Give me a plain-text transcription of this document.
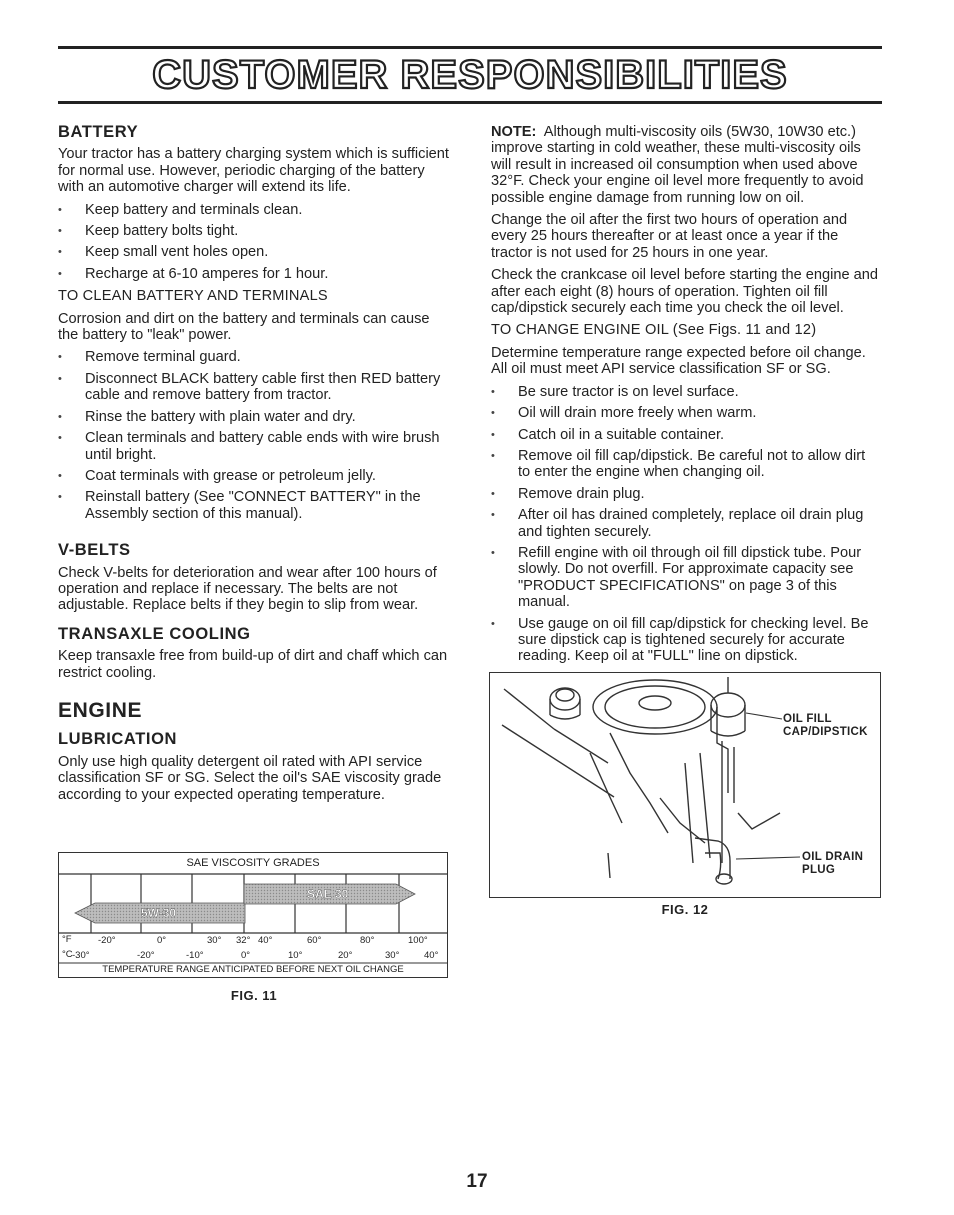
CUSTOMER RESPONSIBILITIES
BATTERY

Your tractor has a battery charging system which is sufficient for normal use. However, periodic charging of the battery with an automotive charger will extend its life.

• Keep battery and terminals clean.
• Keep battery bolts tight.
• Keep small vent holes open.
• Recharge at 6-10 amperes for 1 hour.

TO CLEAN BATTERY AND TERMINALS

Corrosion and dirt on the battery and terminals can cause the battery to "leak" power.

• Remove terminal guard.
• Disconnect BLACK battery cable first then RED battery cable and remove battery from tractor.
• Rinse the battery with plain water and dry.
• Clean terminals and battery cable ends with wire brush until bright.
• Coat terminals with grease or petroleum jelly.
• Reinstall battery (See "CONNECT BATTERY" in the Assembly section of this manual).
V-BELTS

Check V-belts for deterioration and wear after 100 hours of operation and replace if necessary. The belts are not adjustable. Replace belts if they begin to slip from wear.

TRANSAXLE COOLING

Keep transaxle free from build-up of dirt and chaff which can restrict cooling.

ENGINE
LUBRICATION

Only use high quality detergent oil rated with API service classification SF or SG. Select the oil's SAE viscosity grade according to your expected operating temperature.

SAE VISCOSITY GRADES
5W-30
SAE 30
°F	-20°	0°	30° 32° 40°	60°	80°	100°
°C -30°	-20°	-10°	0°	10°	20°	30°	40°
TEMPERATURE RANGE ANTICIPATED BEFORE NEXT OIL CHANGE
FIG. 11

NOTE: Although multi-viscosity oils (5W30, 10W30 etc.) improve starting in cold weather, these multi-viscosity oils will result in increased oil consumption when used above 32°F. Check your engine oil level more frequently to avoid possible engine damage from running low on oil.

Change the oil after the first two hours of operation and every 25 hours thereafter or at least once a year if the tractor is not used for 25 hours in one year.

Check the crankcase oil level before starting the engine and after each eight (8) hours of operation. Tighten oil fill cap/dipstick securely each time you check the oil level.

TO CHANGE ENGINE OIL (See Figs. 11 and 12)

Determine temperature range expected before oil change. All oil must meet API service classification SF or SG.

• Be sure tractor is on level surface.
• Oil will drain more freely when warm.
• Catch oil in a suitable container.
• Remove oil fill cap/dipstick. Be careful not to allow dirt to enter the engine when changing oil.
• Remove drain plug.
• After oil has drained completely, replace oil drain plug and tighten securely.
• Refill engine with oil through oil fill dipstick tube. Pour slowly. Do not overfill. For approximate capacity see "PRODUCT SPECIFICATIONS" on page 3 of this manual.
• Use gauge on oil fill cap/dipstick for checking level. Be sure dipstick cap is tightened securely for accurate reading. Keep oil at "FULL" line on dipstick.
OIL FILL
CAP/DIPSTICK
OIL DRAIN
PLUG
FIG. 12
17
